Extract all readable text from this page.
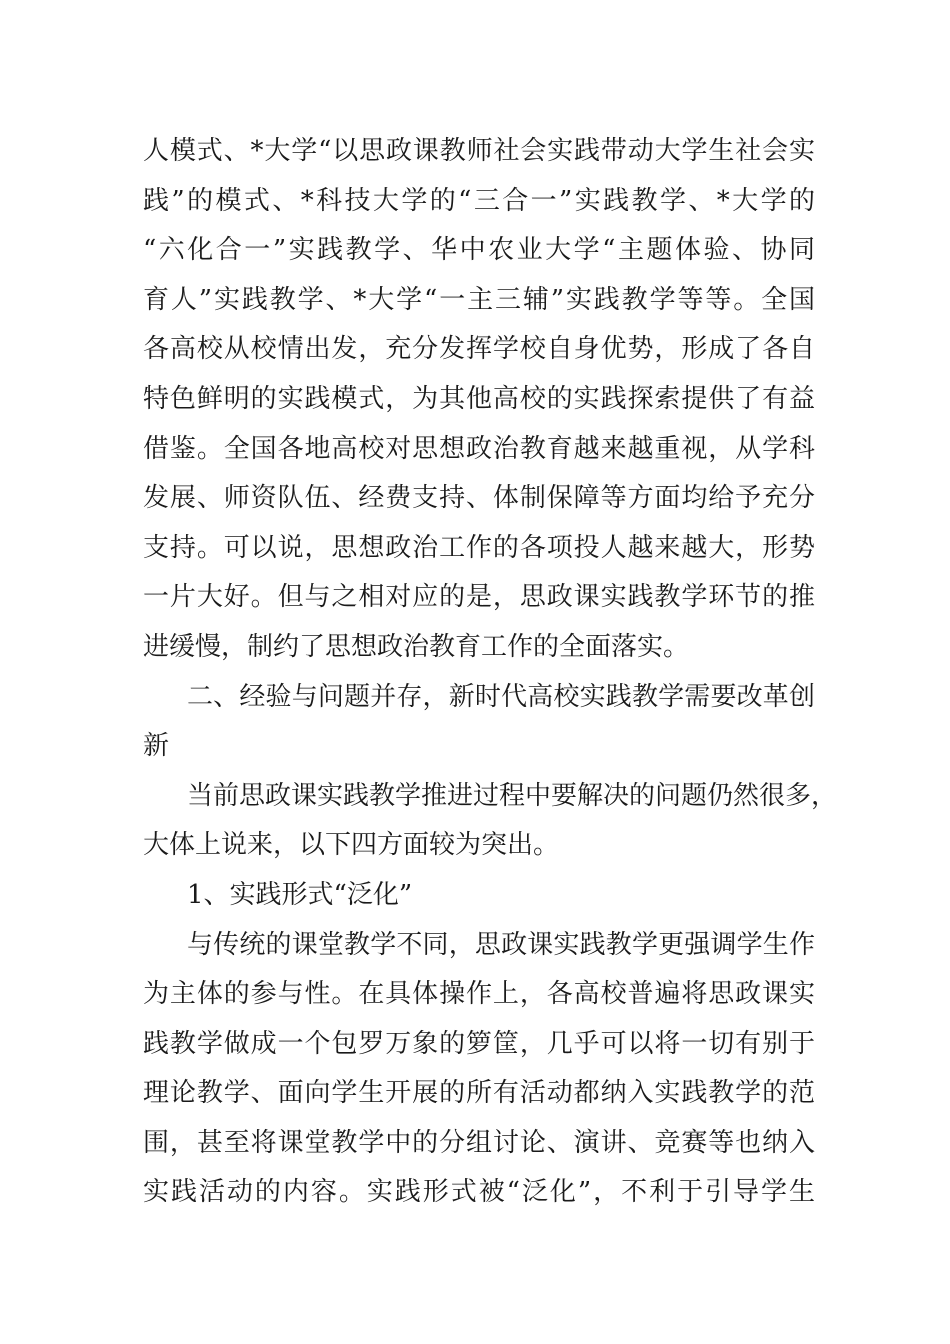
人模式、*大学“以思政课教师社会实践带动大学生社会实
践”的模式、*科技大学的“三合一”实践教学、*大学的
“六化合一”实践教学、华中农业大学“主题体验、协同
育人”实践教学、*大学“一主三辅”实践教学等等。全国
各高校从校情出发，充分发挥学校自身优势，形成了各自
特色鲜明的实践模式，为其他高校的实践探索提供了有益
借鉴。全国各地高校对思想政治教育越来越重视，从学科
发展、师资队伍、经费支持、体制保障等方面均给予充分
支持。可以说，思想政治工作的各项投人越来越大，形势
一片大好。但与之相对应的是，思政课实践教学环节的推
进缓慢，制约了思想政治教育工作的全面落实。
二、经验与问题并存，新时代高校实践教学需要改革创
新
当前思政课实践教学推进过程中要解决的问题仍然很多，
大体上说来，以下四方面较为突出。
1、实践形式“泛化”
与传统的课堂教学不同，思政课实践教学更强调学生作
为主体的参与性。在具体操作上，各高校普遍将思政课实
践教学做成一个包罗万象的箩筐，几乎可以将一切有别于
理论教学、面向学生开展的所有活动都纳入实践教学的范
围，甚至将课堂教学中的分组讨论、演讲、竞赛等也纳入
实践活动的内容。实践形式被“泛化”，不利于引导学生
